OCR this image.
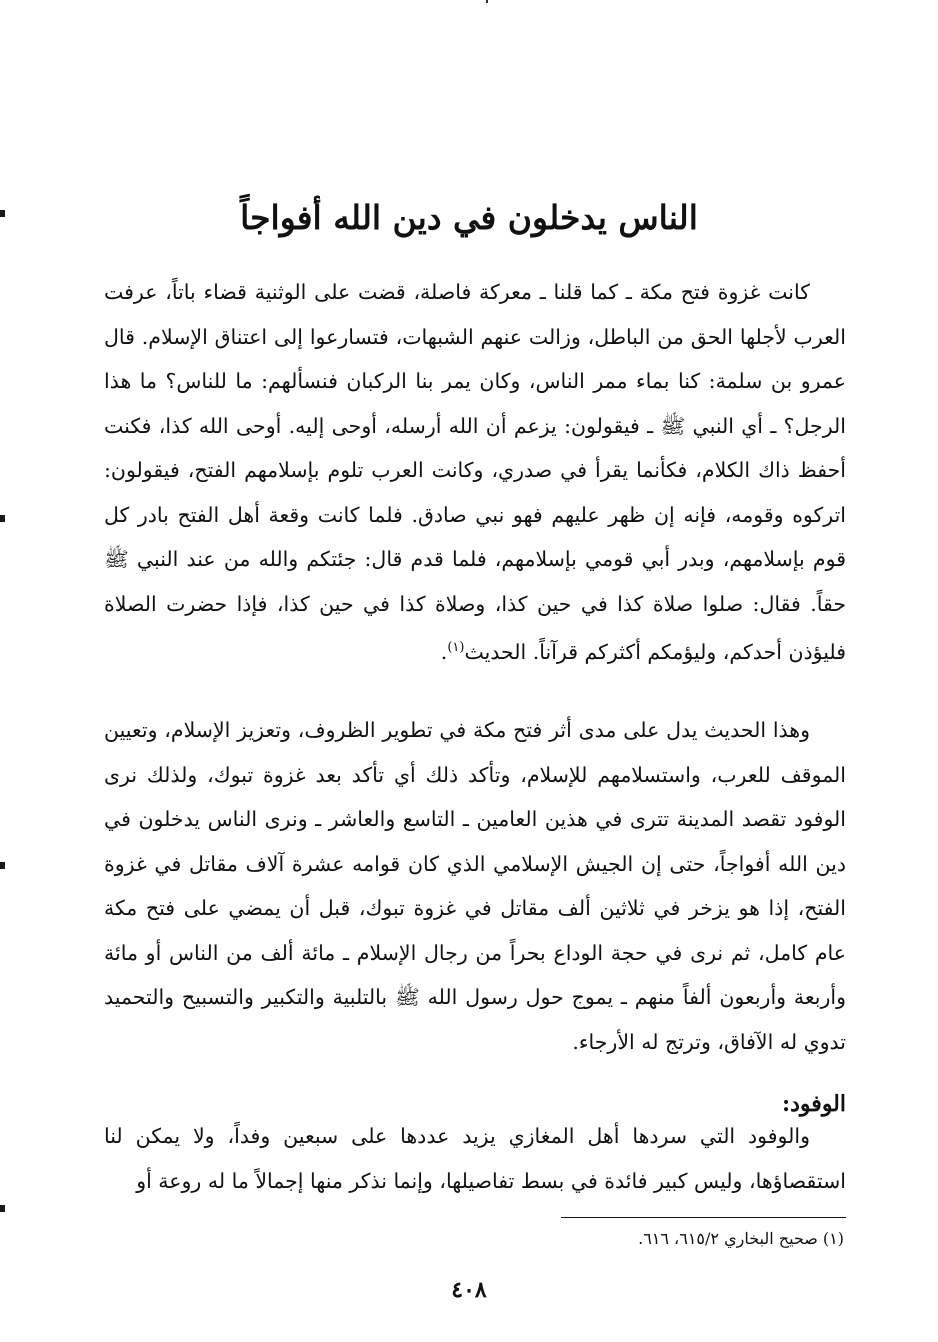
الناس يدخلون في دين الله أفواجاً

كانت غزوة فتح مكة ـ كما قلنا ـ معركة فاصلة، قضت على الوثنية قضاء باتاً، عرفت العرب لأجلها الحق من الباطل، وزالت عنهم الشبهات، فتسارعوا إلى اعتناق الإسلام. قال عمرو بن سلمة: كنا بماء ممر الناس، وكان يمر بنا الركبان فنسألهم: ما للناس؟ ما هذا الرجل؟ ـ أي النبي ﷺ ـ فيقولون: يزعم أن الله أرسله، أوحى إليه. أوحى الله كذا، فكنت أحفظ ذاك الكلام، فكأنما يقرأ في صدري، وكانت العرب تلوم بإسلامهم الفتح، فيقولون: اتركوه وقومه، فإنه إن ظهر عليهم فهو نبي صادق. فلما كانت وقعة أهل الفتح بادر كل قوم بإسلامهم، وبدر أبي قومي بإسلامهم، فلما قدم قال: جئتكم والله من عند النبي ﷺ حقاً. فقال: صلوا صلاة كذا في حين كذا، وصلاة كذا في حين كذا، فإذا حضرت الصلاة فليؤذن أحدكم، وليؤمكم أكثركم قرآناً. الحديث$^{(١)}$.

وهذا الحديث يدل على مدى أثر فتح مكة في تطوير الظروف، وتعزيز الإسلام، وتعيين الموقف للعرب، واستسلامهم للإسلام، وتأكد ذلك أي تأكد بعد غزوة تبوك، ولذلك نرى الوفود تقصد المدينة تترى في هذين العامين ـ التاسع والعاشر ـ ونرى الناس يدخلون في دين الله أفواجاً، حتى إن الجيش الإسلامي الذي كان قوامه عشرة آلاف مقاتل في غزوة الفتح، إذا هو يزخر في ثلاثين ألف مقاتل في غزوة تبوك، قبل أن يمضي على فتح مكة عام كامل، ثم نرى في حجة الوداع بحراً من رجال الإسلام ـ مائة ألف من الناس أو مائة وأربعة وأربعون ألفاً منهم ـ يموج حول رسول الله ﷺ بالتلبية والتكبير والتسبيح والتحميد تدوي له الآفاق، وترتج له الأرجاء.

الوفود:

والوفود التي سردها أهل المغازي يزيد عددها على سبعين وفداً، ولا يمكن لنا استقصاؤها، وليس كبير فائدة في بسط تفاصيلها، وإنما نذكر منها إجمالاً ما له روعة أو

(١) صحيح البخاري ٦١٥/٢، ٦١٦.
٤٠٨
